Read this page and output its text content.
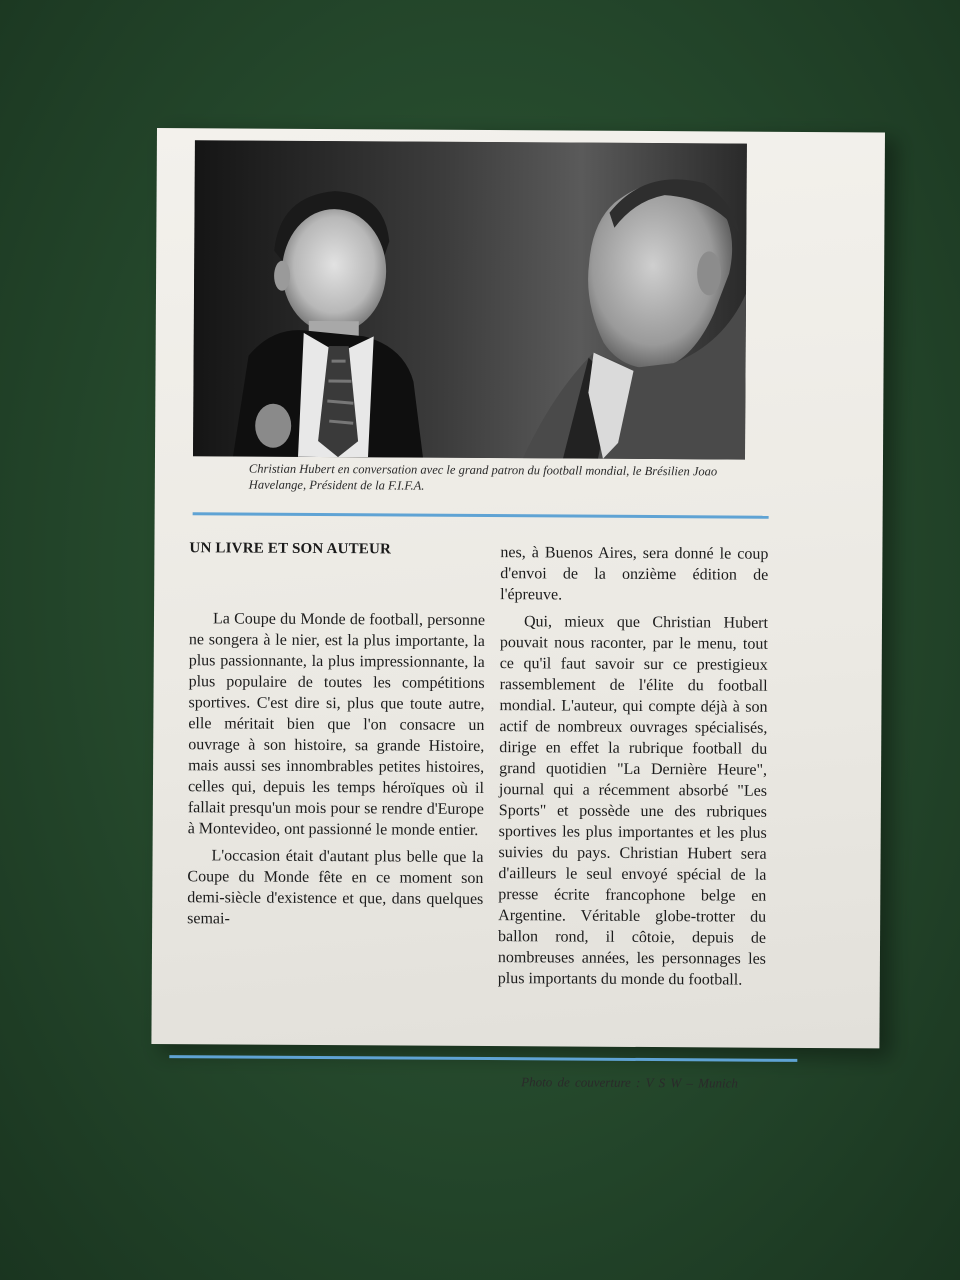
Christian Hubert en conversation avec le grand patron du football mondial, le Brésilien Joao Havelange, Président de la F.I.F.A.

UN LIVRE ET SON AUTEUR

La Coupe du Monde de football, personne ne songera à le nier, est la plus importante, la plus passionnante, la plus impressionnante, la plus populaire de toutes les compétitions sportives. C'est dire si, plus que toute autre, elle méritait bien que l'on consacre un ouvrage à son histoire, sa grande Histoire, mais aussi ses innombrables petites histoires, celles qui, depuis les temps héroïques où il fallait presqu'un mois pour se rendre d'Europe à Montevideo, ont passionné le monde entier.

L'occasion était d'autant plus belle que la Coupe du Monde fête en ce moment son demi-siècle d'existence et que, dans quelques semai-

nes, à Buenos Aires, sera donné le coup d'envoi de la onzième édition de l'épreuve.

Qui, mieux que Christian Hubert pouvait nous raconter, par le menu, tout ce qu'il faut savoir sur ce prestigieux rassemblement de l'élite du football mondial. L'auteur, qui compte déjà à son actif de nombreux ouvrages spécialisés, dirige en effet la rubrique football du grand quotidien "La Dernière Heure", journal qui a récemment absorbé "Les Sports" et possède une des rubriques sportives les plus importantes et les plus suivies du pays. Christian Hubert sera d'ailleurs le seul envoyé spécial de la presse écrite francophone belge en Argentine. Véritable globe-trotter du ballon rond, il côtoie, depuis de nombreuses années, les personnages les plus importants du monde du football.

Photo de couverture : V S W – Munich
